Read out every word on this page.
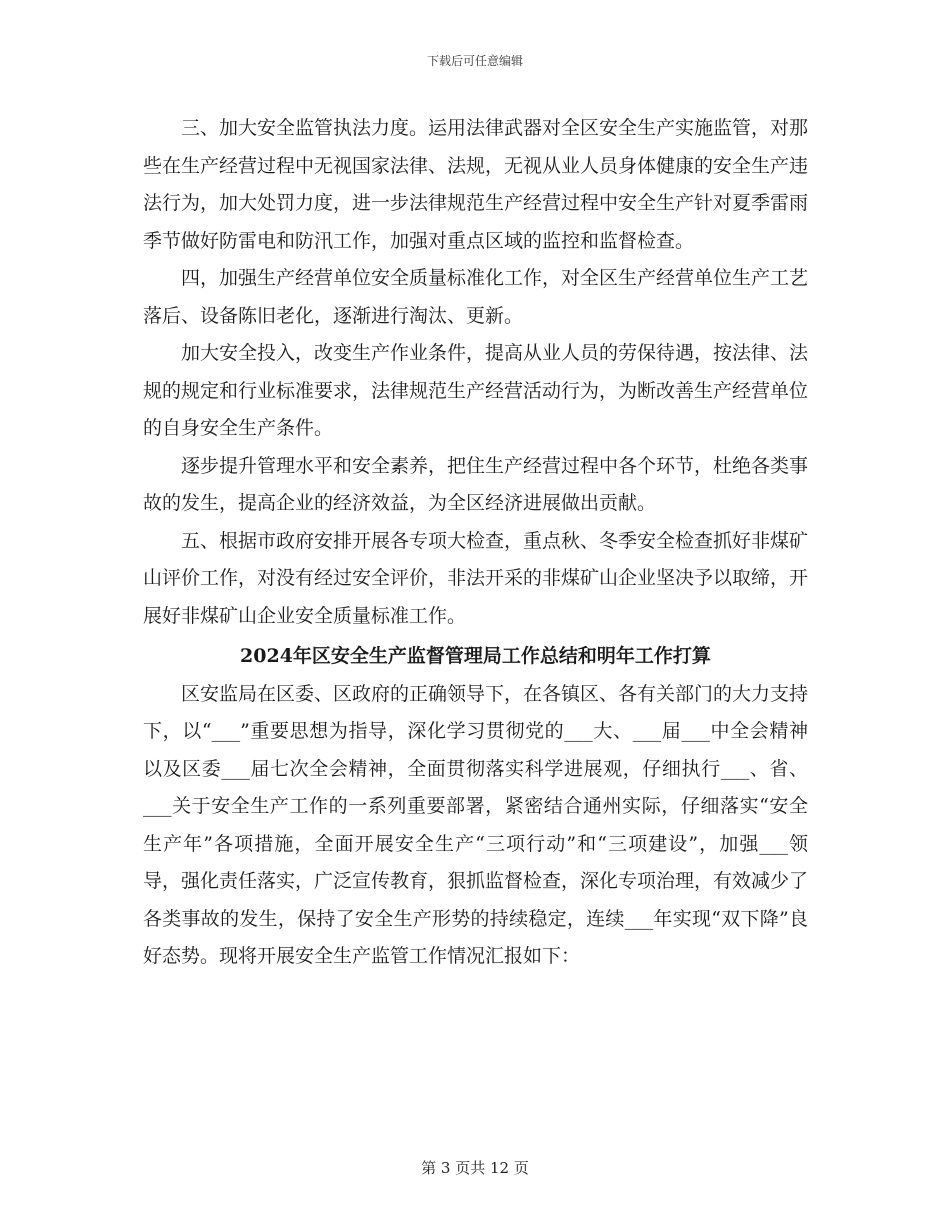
下载后可任意编辑

三、加大安全监管执法力度。运用法律武器对全区安全生产实施监管，对那些在生产经营过程中无视国家法律、法规，无视从业人员身体健康的安全生产违法行为，加大处罚力度，进一步法律规范生产经营过程中安全生产针对夏季雷雨季节做好防雷电和防汛工作，加强对重点区域的监控和监督检查。

四，加强生产经营单位安全质量标准化工作，对全区生产经营单位生产工艺落后、设备陈旧老化，逐渐进行淘汰、更新。

加大安全投入，改变生产作业条件，提高从业人员的劳保待遇，按法律、法规的规定和行业标准要求，法律规范生产经营活动行为，为断改善生产经营单位的自身安全生产条件。

逐步提升管理水平和安全素养，把住生产经营过程中各个环节，杜绝各类事故的发生，提高企业的经济效益，为全区经济进展做出贡献。

五、根据市政府安排开展各专项大检查，重点秋、冬季安全检查抓好非煤矿山评价工作，对没有经过安全评价，非法开采的非煤矿山企业坚决予以取缔，开展好非煤矿山企业安全质量标准工作。

2024年区安全生产监督管理局工作总结和明年工作打算

区安监局在区委、区政府的正确领导下，在各镇区、各有关部门的大力支持下，以“___”重要思想为指导，深化学习贯彻党的___大、___届___中全会精神以及区委___届七次全会精神，全面贯彻落实科学进展观，仔细执行___、省、___关于安全生产工作的一系列重要部署，紧密结合通州实际，仔细落实“安全生产年”各项措施，全面开展安全生产“三项行动”和“三项建设”，加强___领导，强化责任落实，广泛宣传教育，狠抓监督检查，深化专项治理，有效减少了各类事故的发生，保持了安全生产形势的持续稳定，连续___年实现“双下降”良好态势。现将开展安全生产监管工作情况汇报如下：

第 3 页共 12 页
